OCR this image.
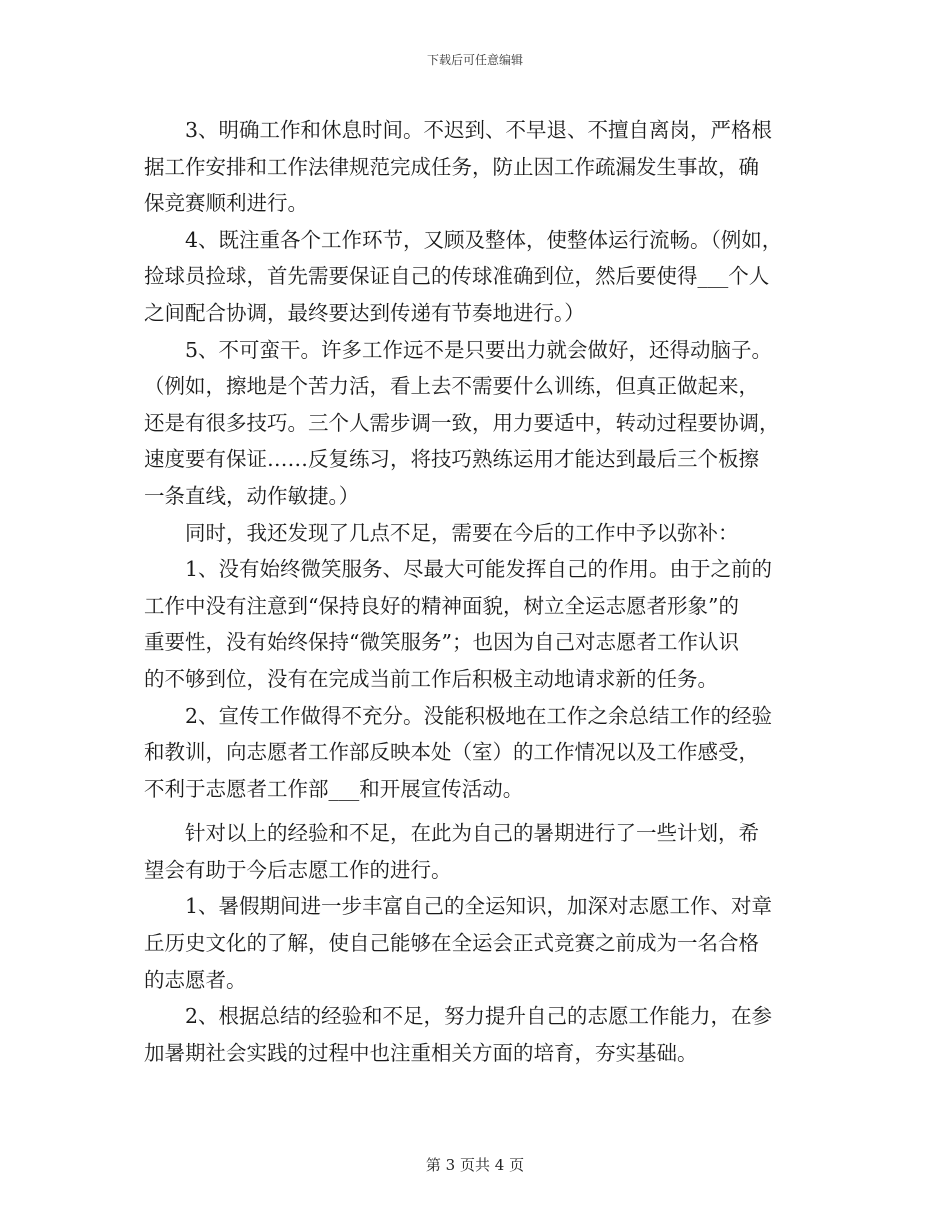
下载后可任意编辑
　　3、明确工作和休息时间。不迟到、不早退、不擅自离岗，严格根
据工作安排和工作法律规范完成任务，防止因工作疏漏发生事故，确
保竞赛顺利进行。
　　4、既注重各个工作环节，又顾及整体，使整体运行流畅。（例如，
捡球员捡球，首先需要保证自己的传球准确到位，然后要使得___个人
之间配合协调，最终要达到传递有节奏地进行。）
　　5、不可蛮干。许多工作远不是只要出力就会做好，还得动脑子。
（例如，擦地是个苦力活，看上去不需要什么训练，但真正做起来，
还是有很多技巧。三个人需步调一致，用力要适中，转动过程要协调，
速度要有保证……反复练习，将技巧熟练运用才能达到最后三个板擦
一条直线，动作敏捷。）
　　同时，我还发现了几点不足，需要在今后的工作中予以弥补：
　　1、没有始终微笑服务、尽最大可能发挥自己的作用。由于之前的
工作中没有注意到“保持良好的精神面貌，树立全运志愿者形象”的
重要性，没有始终保持“微笑服务”；也因为自己对志愿者工作认识
的不够到位，没有在完成当前工作后积极主动地请求新的任务。
　　2、宣传工作做得不充分。没能积极地在工作之余总结工作的经验
和教训，向志愿者工作部反映本处（室）的工作情况以及工作感受，
不利于志愿者工作部___和开展宣传活动。
　　针对以上的经验和不足，在此为自己的暑期进行了一些计划，希
望会有助于今后志愿工作的进行。
　　1、暑假期间进一步丰富自己的全运知识，加深对志愿工作、对章
丘历史文化的了解，使自己能够在全运会正式竞赛之前成为一名合格
的志愿者。
　　2、根据总结的经验和不足，努力提升自己的志愿工作能力，在参
加暑期社会实践的过程中也注重相关方面的培育，夯实基础。
第 3 页共 4 页
